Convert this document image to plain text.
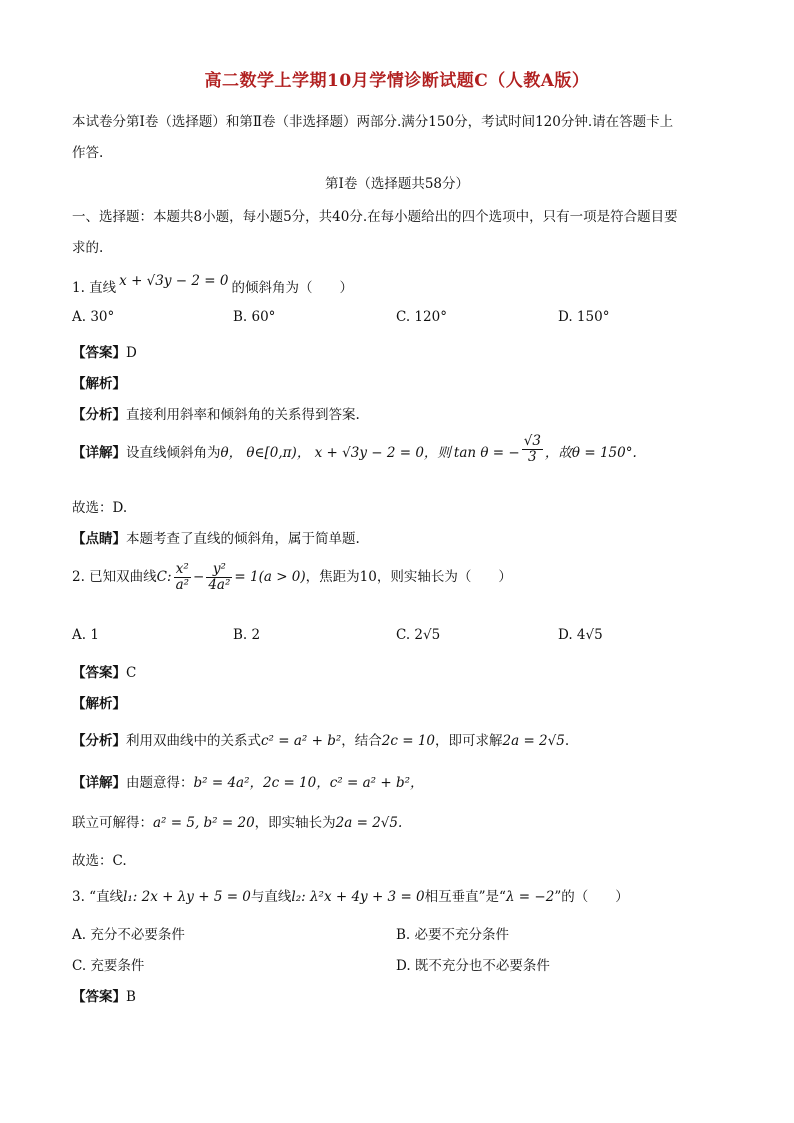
高二数学上学期10月学情诊断试题C（人教A版）
本试卷分第Ⅰ卷（选择题）和第Ⅱ卷（非选择题）两部分.满分150分，考试时间120分钟.请在答题卡上
作答.
第Ⅰ卷（选择题共58分）
一、选择题：本题共8小题，每小题5分，共40分.在每小题给出的四个选项中，只有一项是符合题目要
求的.
1. 直线 x + √3y − 2 = 0 的倾斜角为（　　）
A. 30°	B. 60°	C. 120°	D. 150°
【答案】D
【解析】
【分析】直接利用斜率和倾斜角的关系得到答案.
【详解】设直线倾斜角为θ， θ∈[0,π)， x + √3y − 2 = 0，则 tan θ = − $\frac{√3}{3}$ ，故θ = 150°.
故选：D.
【点睛】本题考查了直线的倾斜角，属于简单题.
2. 已知双曲线C: $\frac{\text{x²}}{\text{a²}} - \frac{\text{y²}}{\text{4a²}} = 1(a > 0)$，焦距为10，则实轴长为（　　）
A. 1	B. 2	C. 2√5	D. 4√5
【答案】C
【解析】
【分析】利用双曲线中的关系式c² = a² + b²，结合2c = 10，即可求解2a = 2√5.
【详解】由题意得：b² = 4a²，2c = 10，c² = a² + b²，
联立可解得：a² = 5, b² = 20，即实轴长为2a = 2√5.
故选：C.
3. “直线l₁: 2x + λy + 5 = 0与直线l₂: λ²x + 4y + 3 = 0相互垂直”是“λ = −2”的（　　）
A. 充分不必要条件	B. 必要不充分条件
C. 充要条件	D. 既不充分也不必要条件
【答案】B
